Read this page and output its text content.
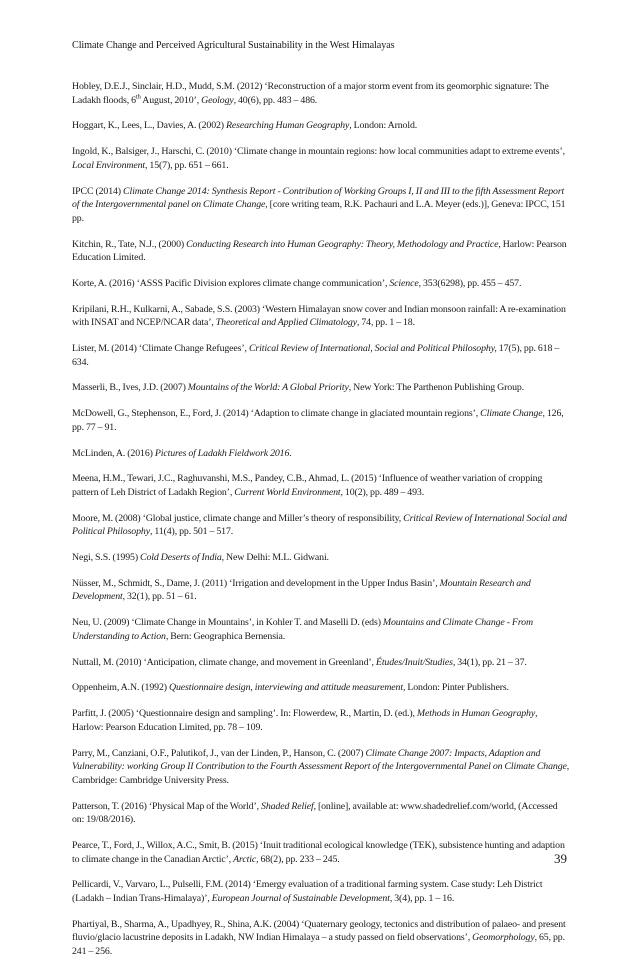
Climate Change and Perceived Agricultural Sustainability in the West Himalayas

Hobley, D.E.J., Sinclair, H.D., Mudd, S.M. (2012) ‘Reconstruction of a major storm event from its geomorphic signature: The Ladakh floods, 6th August, 2010’, Geology, 40(6), pp. 483 – 486.

Hoggart, K., Lees, L., Davies, A. (2002) Researching Human Geography, London: Arnold.

Ingold, K., Balsiger, J., Harschi, C. (2010) ‘Climate change in mountain regions: how local communities adapt to extreme events’, Local Environment, 15(7), pp. 651 – 661.

IPCC (2014) Climate Change 2014: Synthesis Report - Contribution of Working Groups I, II and III to the fifth Assessment Report of the Intergovernmental panel on Climate Change, [core writing team, R.K. Pachauri and L.A. Meyer (eds.)], Geneva: IPCC, 151 pp.

Kitchin, R., Tate, N.J., (2000) Conducting Research into Human Geography: Theory, Methodology and Practice, Harlow: Pearson Education Limited.

Korte, A. (2016) ‘ASSS Pacific Division explores climate change communication’, Science, 353(6298), pp. 455 – 457.

Kripilani, R.H., Kulkarni, A., Sabade, S.S. (2003) ‘Western Himalayan snow cover and Indian monsoon rainfall: A re-examination with INSAT and NCEP/NCAR data’, Theoretical and Applied Climatology, 74, pp. 1 – 18.

Lister, M. (2014) ‘Climate Change Refugees’, Critical Review of International, Social and Political Philosophy, 17(5), pp. 618 – 634.

Masserli, B., Ives, J.D. (2007) Mountains of the World: A Global Priority, New York: The Parthenon Publishing Group.

McDowell, G., Stephenson, E., Ford, J. (2014) ‘Adaption to climate change in glaciated mountain regions’, Climate Change, 126, pp. 77 – 91.

McLinden, A. (2016) Pictures of Ladakh Fieldwork 2016.

Meena, H.M., Tewari, J.C., Raghuvanshi, M.S., Pandey, C.B., Ahmad, L. (2015) ‘Influence of weather variation of cropping pattern of Leh District of Ladakh Region’, Current World Environment, 10(2), pp. 489 – 493.

Moore, M. (2008) ‘Global justice, climate change and Miller’s theory of responsibility, Critical Review of International Social and Political Philosophy, 11(4), pp. 501 – 517.

Negi, S.S. (1995) Cold Deserts of India, New Delhi: M.L. Gidwani.

Nüsser, M., Schmidt, S., Dame, J. (2011) ‘Irrigation and development in the Upper Indus Basin’, Mountain Research and Development, 32(1), pp. 51 – 61.

Neu, U. (2009) ‘Climate Change in Mountains’, in Kohler T. and Maselli D. (eds) Mountains and Climate Change - From Understanding to Action, Bern: Geographica Bernensia.

Nuttall, M. (2010) ‘Anticipation, climate change, and movement in Greenland’, Études/Inuit/Studies, 34(1), pp. 21 – 37.

Oppenheim, A.N. (1992) Questionnaire design, interviewing and attitude measurement, London: Pinter Publishers.

Parfitt, J. (2005) ‘Questionnaire design and sampling’. In: Flowerdew, R., Martin, D. (ed.), Methods in Human Geography, Harlow: Pearson Education Limited, pp. 78 – 109.

Parry, M., Canziani, O.F., Palutikof, J., van der Linden, P., Hanson, C. (2007) Climate Change 2007: Impacts, Adaption and Vulnerability: working Group II Contribution to the Fourth Assessment Report of the Intergovernmental Panel on Climate Change, Cambridge: Cambridge University Press.

Patterson, T. (2016) ‘Physical Map of the World’, Shaded Relief, [online], available at: www.shadedrelief.com/world, (Accessed on: 19/08/2016).

Pearce, T., Ford, J., Willox, A.C., Smit, B. (2015) ‘Inuit traditional ecological knowledge (TEK), subsistence hunting and adaption to climate change in the Canadian Arctic’, Arctic, 68(2), pp. 233 – 245.

Pellicardi, V., Varvaro, L., Pulselli, F.M. (2014) ‘Emergy evaluation of a traditional farming system. Case study: Leh District (Ladakh – Indian Trans-Himalaya)’, European Journal of Sustainable Development, 3(4), pp. 1 – 16.

Phartiyal, B., Sharma, A., Upadhyey, R., Shina, A.K. (2004) ‘Quaternary geology, tectonics and distribution of palaeo- and present fluvio/glacio lacustrine deposits in Ladakh, NW Indian Himalaya – a study passed on field observations’, Geomorphology, 65, pp. 241 – 256.

39
